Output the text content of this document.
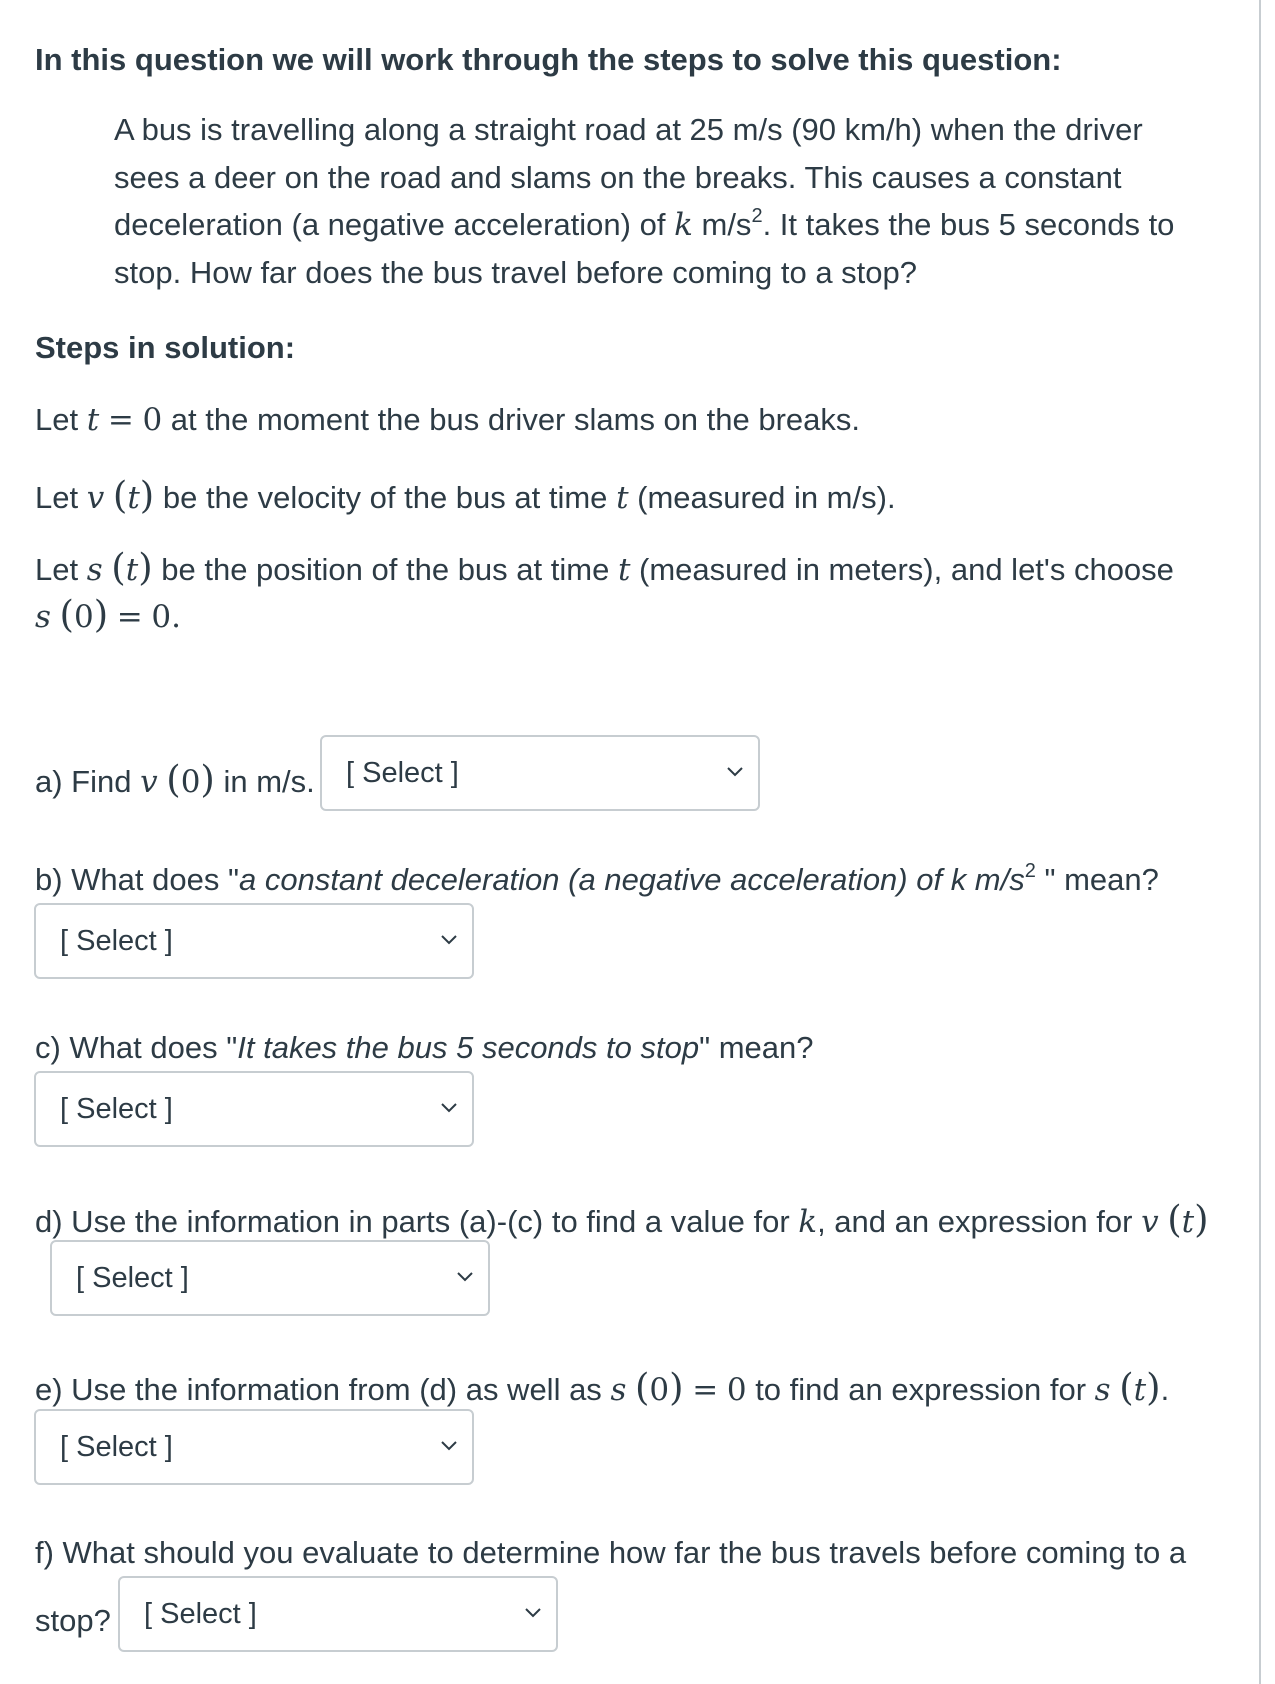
In this question we will work through the steps to solve this question:
A bus is travelling along a straight road at 25 m/s (90 km/h) when the driver
sees a deer on the road and slams on the breaks. This causes a constant
deceleration (a negative acceleration) of k $m/s^2$. It takes the bus 5 seconds to
stop. How far does the bus travel before coming to a stop?
Steps in solution:
Let t = 0 at the moment the bus driver slams on the breaks.
Let v (t) be the velocity of the bus at time t (measured in m/s).
Let s (t) be the position of the bus at time t (measured in meters), and let's choose
s (0) = 0.
a) Find v (0) in m/s.	[ Select ]
b) What does "a constant deceleration (a negative acceleration) of k $m/s^2$ " mean?
[ Select ]
c) What does "It takes the bus 5 seconds to stop" mean?
[ Select ]
d) Use the information in parts (a)-(c) to find a value for k, and an expression for v (t)
[ Select ]
e) Use the information from (d) as well as s (0) = 0 to find an expression for s (t).
[ Select ]
f) What should you evaluate to determine how far the bus travels before coming to a
stop?	[ Select ]
